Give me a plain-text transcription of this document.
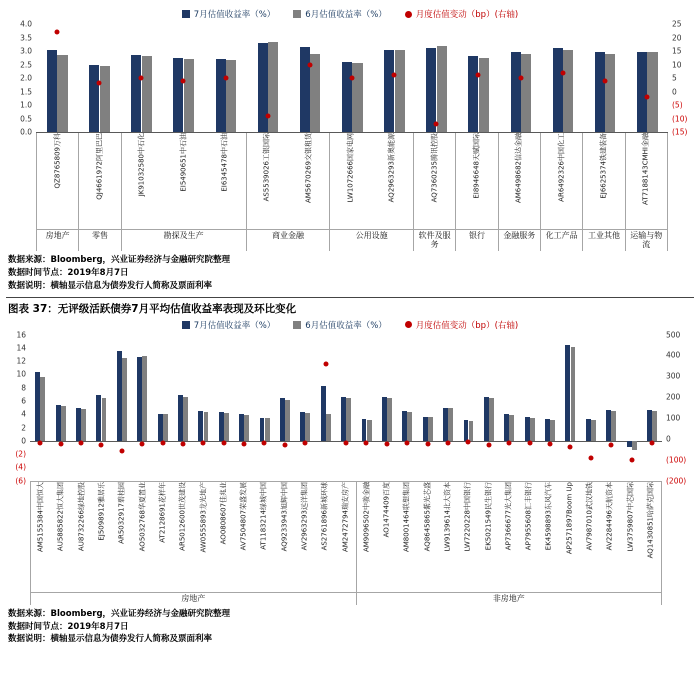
7月估值收益率（%）	6月估值收益率（%）	月度估值变动（bp）(右轴)
4.0
3.5
3.0
2.5
2.0
1.5
1.0
0.5
0.0
25
20
15
10
5
0
(5)
(10)
(15)
QZ8765809万科
房地产
QJ4661972阿里巴巴
零售
JK91032580中石化	EI5490651中石油	EI6345478中石油
勘探及生产
AS5539026工银国际	AM5670269交银租赁
商业金融
LW1072666国家电网	AQ2963293新奥能源
公用设施
AQ7360235腾讯控股
软件及服务
EI8946648天赋国际
银行
AM6498682信达金融
金融服务
AR6492326中国化工
化工产品
EJ6625374铁建装备
工业其他
AT7188143CMHI金融
运输与物流
数据来源：Bloomberg，兴业证券经济与金融研究院整理
数据时间节点：2019年8月7日
数据说明：横轴显示信息为债券发行人简称及票面利率
图表 37：无评级活跃债券7月平均估值收益率表现及环比变化
7月估值收益率（%）	6月估值收益率（%）	月度估值变动（bp）(右轴)
16
14
12
10
8
6
4
2
0
(2)
(4)
(6)
500
400
300
200
100
0
(100)
(200)
AM5155384中国恒大 AU5885822恒大集团 AU8732266绿地控股 EJ5098912雅居乐 AR5032917碧桂园 AO5032768华夏置业 AT2128691花样年 AR5012600世茂建设 AW0555893龙光地产 AO0808607佳兆业 AV7504807荣盛发展 AT1183214绿城中国 AQ9233943旭辉中国 AV2963293远洋集团 AS2761896新城环球 AM2472794瑞安房产
房地产
AM9096502中骏金融 AO1474409百度 AM8001464联想集团 AQ8645865紫光芯盛 LW9139614北大资本 LW7220228中国银行 EK5021549民生银行 AP7366677光大集团 AP7955608汇丰银行 EK4598893东风汽车 AP2571897Boom Up AV7987010武汉地铁 AV2284496天航资本 LW3759807中芯国际 AQ1430851哈萨克国际
非房地产
数据来源：Bloomberg，兴业证券经济与金融研究院整理
数据时间节点：2019年8月7日
数据说明：横轴显示信息为债券发行人简称及票面利率
